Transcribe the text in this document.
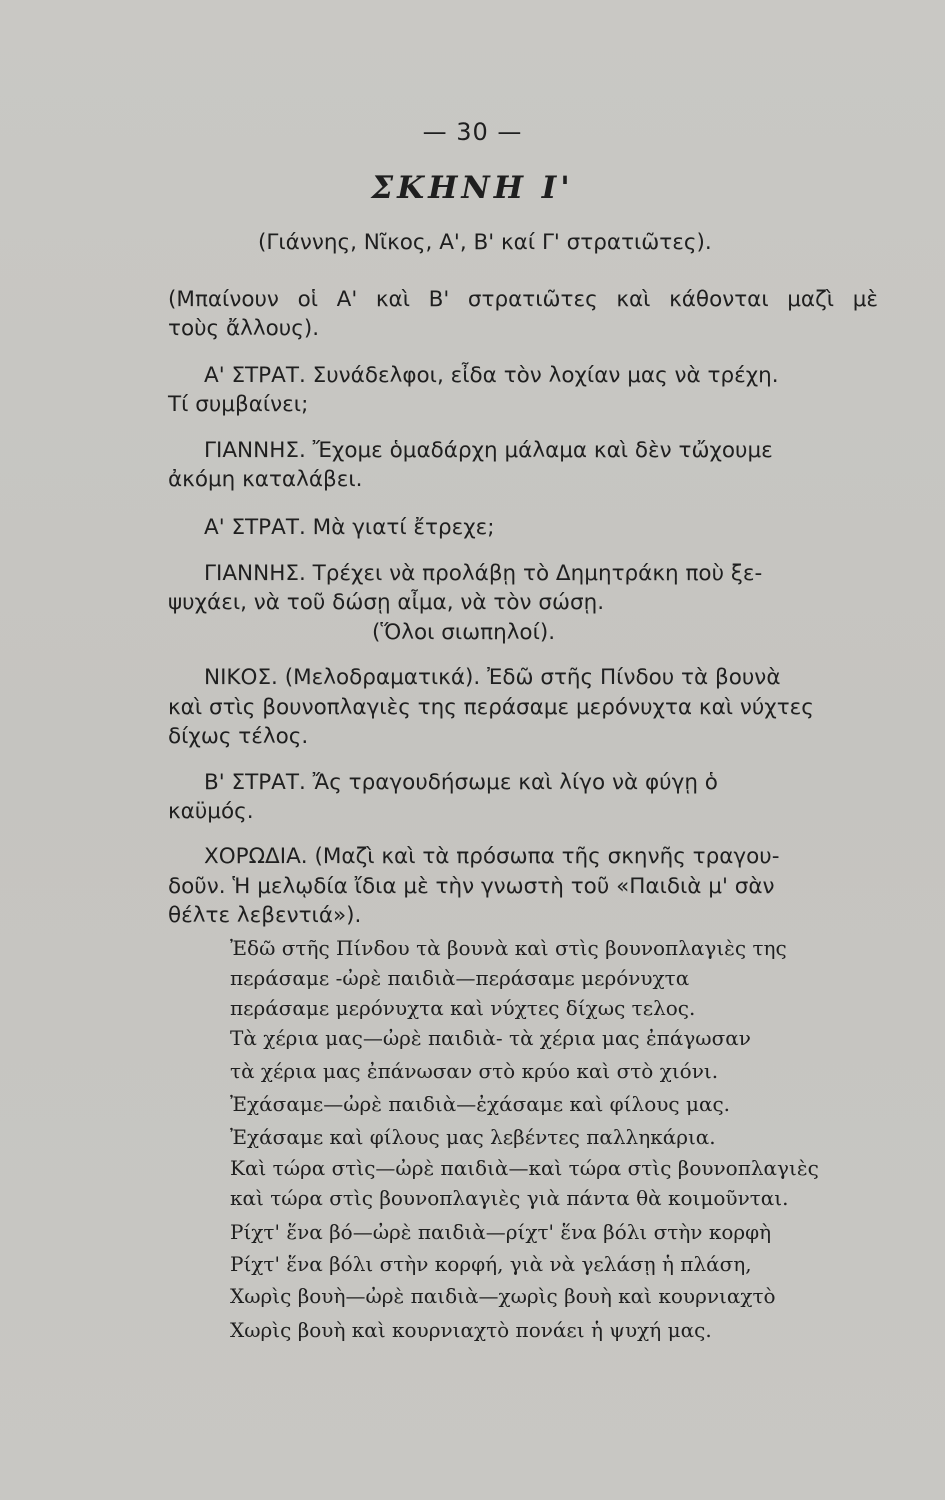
— 30 —
ΣΚΗΝΗ Ι'
(Γιάννης, Νῖκος, Α', Β' καί Γ' στρατιῶτες).
(Μπαίνουν οἱ Α' καὶ Β' στρατιῶτες καὶ κάθονται μαζὶ μὲ
τοὺς ἄλλους).
Α' ΣΤΡΑΤ. Συνάδελφοι, εἶδα τὸν λοχίαν μας νὰ τρέχη.
Τί συμβαίνει;
ΓΙΑΝΝΗΣ. Ἔχομε ὁμαδάρχη μάλαμα καὶ δὲν τὤχουμε
ἀκόμη καταλάβει.
Α' ΣΤΡΑΤ. Μὰ γιατί ἔτρεχε;
ΓΙΑΝΝΗΣ. Τρέχει νὰ προλάβῃ τὸ Δημητράκη ποὺ ξε-
ψυχάει, νὰ τοῦ δώσῃ αἶμα, νὰ τὸν σώσῃ.
(Ὅλοι σιωπηλοί).
ΝΙΚΟΣ. (Μελοδραματικά). Ἐδῶ στῆς Πίνδου τὰ βουνὰ
καὶ στὶς βουνοπλαγιὲς της περάσαμε μερόνυχτα καὶ νύχτες
δίχως τέλος.
Β' ΣΤΡΑΤ. Ἄς τραγουδήσωμε καὶ λίγο νὰ φύγῃ ὁ
καϋμός.
ΧΟΡΩΔΙΑ. (Μαζὶ καὶ τὰ πρόσωπα τῆς σκηνῆς τραγου-
δοῦν. Ἡ μελῳδία ἴδια μὲ τὴν γνωστὴ τοῦ «Παιδιὰ μ' σὰν
θέλτε λεβεντιά»).
Ἐδῶ στῆς Πίνδου τὰ βουνὰ καὶ στὶς βουνοπλαγιὲς της
περάσαμε -ὠρὲ παιδιὰ—περάσαμε μερόνυχτα
περάσαμε μερόνυχτα καὶ νύχτες δίχως τελος.
Τὰ χέρια μας—ὠρὲ παιδιὰ- τὰ χέρια μας ἐπάγωσαν
τὰ χέρια μας ἐπάνωσαν στὸ κρύο καὶ στὸ χιόνι.
Ἐχάσαμε—ὠρὲ παιδιὰ—ἐχάσαμε καὶ φίλους μας.
Ἐχάσαμε καὶ φίλους μας λεβέντες παλληκάρια.
Καὶ τώρα στὶς—ὠρὲ παιδιὰ—καὶ τώρα στὶς βουνοπλαγιὲς
καὶ τώρα στὶς βουνοπλαγιὲς γιὰ πάντα θὰ κοιμοῦνται.
Ρίχτ' ἕνα βό—ὠρὲ παιδιὰ—ρίχτ' ἕνα βόλι στὴν κορφὴ
Ρίχτ' ἕνα βόλι στὴν κορφή, γιὰ νὰ γελάσῃ ἡ πλάση,
Χωρὶς βουὴ—ὠρὲ παιδιὰ—χωρὶς βουὴ καὶ κουρνιαχτὸ
Χωρὶς βουὴ καὶ κουρνιαχτὸ πονάει ἡ ψυχή μας.
